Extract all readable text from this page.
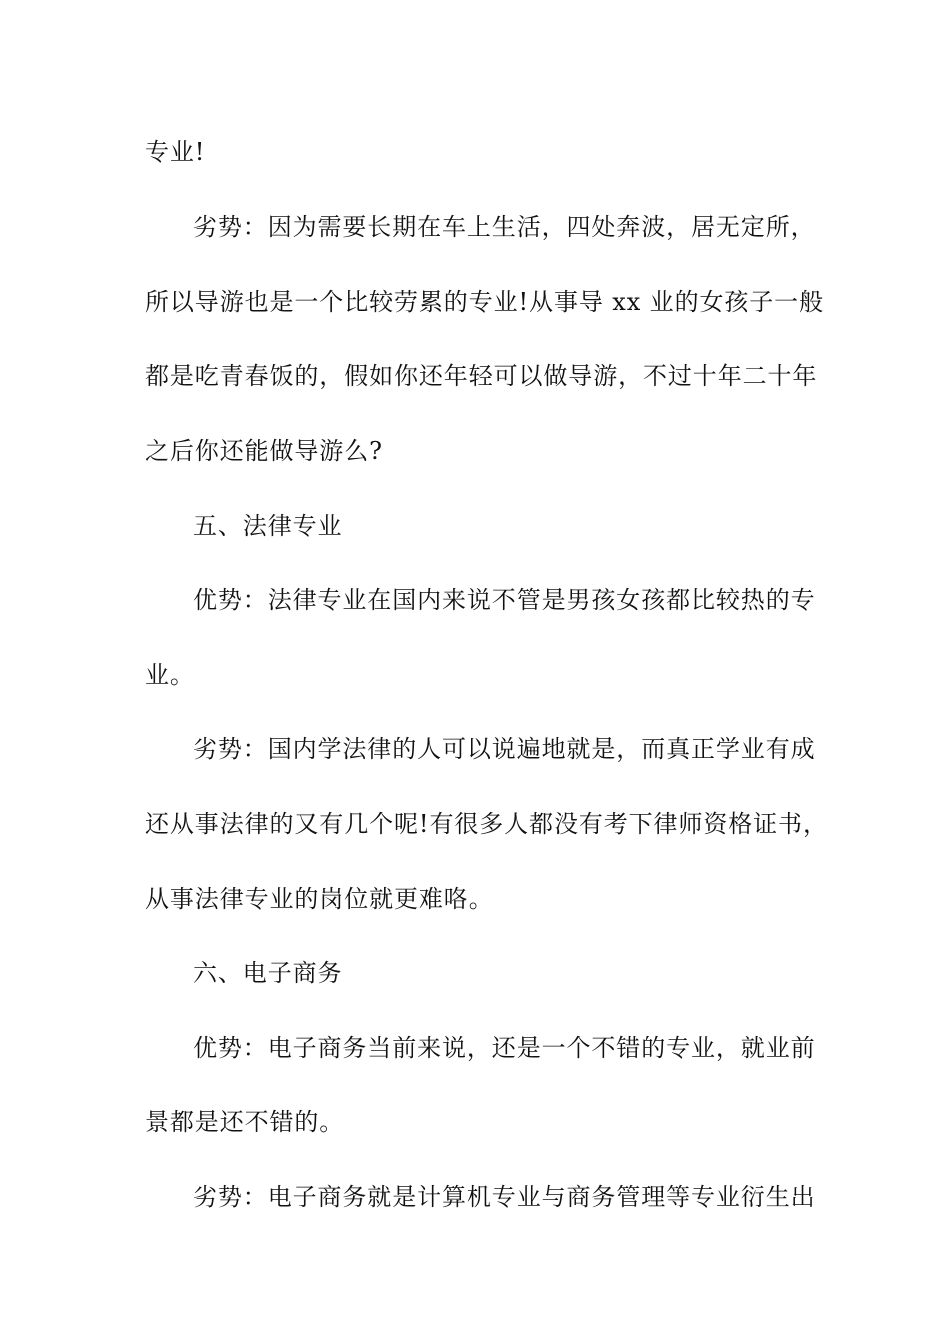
专业!
劣势：因为需要长期在车上生活，四处奔波，居无定所，
所以导游也是一个比较劳累的专业!从事导 xx 业的女孩子一般
都是吃青春饭的，假如你还年轻可以做导游，不过十年二十年
之后你还能做导游么?
五、法律专业
优势：法律专业在国内来说不管是男孩女孩都比较热的专
业。
劣势：国内学法律的人可以说遍地就是，而真正学业有成
还从事法律的又有几个呢!有很多人都没有考下律师资格证书，
从事法律专业的岗位就更难咯。
六、电子商务
优势：电子商务当前来说，还是一个不错的专业，就业前
景都是还不错的。
劣势：电子商务就是计算机专业与商务管理等专业衍生出
